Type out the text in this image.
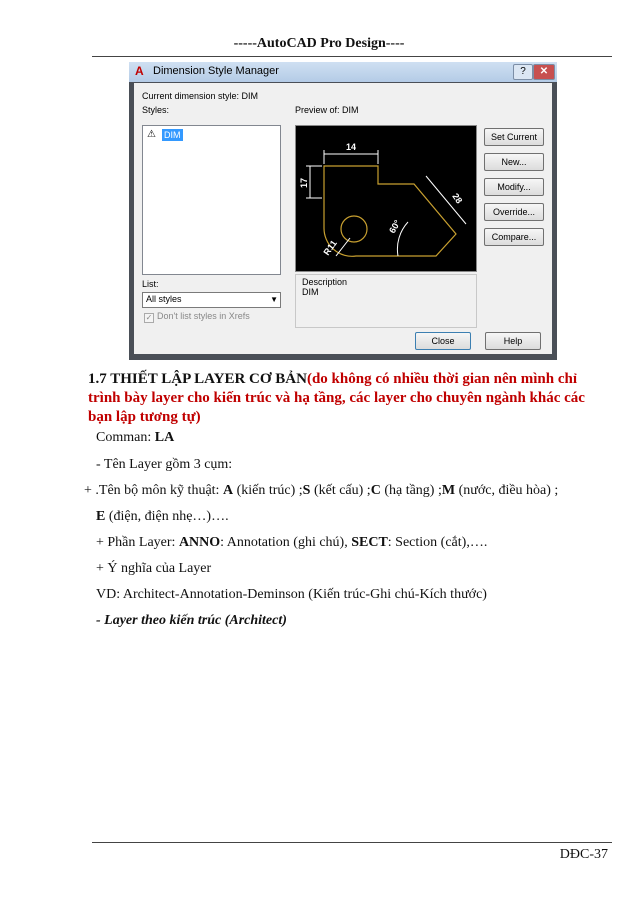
-----AutoCAD Pro Design----
A Dimension Style Manager	?	✕
Current dimension style: DIM
Styles:
⚠ DIM
List:
All styles	▼
✓ Don't list styles in Xrefs
Preview of: DIM
14
17
28
60°
R11
Description
DIM
Set Current
New...
Modify...
Override...
Compare...
Close	Help
1.7 THIẾT LẬP LAYER CƠ BẢN(do không có nhiều thời gian nên mình chỉ trình bày layer cho kiến trúc và hạ tầng, các layer cho chuyên ngành khác các bạn lập tương tự)
Comman: LA
- Tên Layer gồm 3 cụm:
+ .Tên bộ môn kỹ thuật: A (kiến trúc) ;S (kết cấu) ;C (hạ tầng) ;M (nước, điều hòa) ;
E (điện, điện nhẹ…)….
+ Phần Layer: ANNO: Annotation (ghi chú), SECT: Section (cắt),….
+ Ý nghĩa của Layer
VD: Architect-Annotation-Deminson (Kiến trúc-Ghi chú-Kích thước)
- Layer theo kiến trúc (Architect)
DĐC-37
